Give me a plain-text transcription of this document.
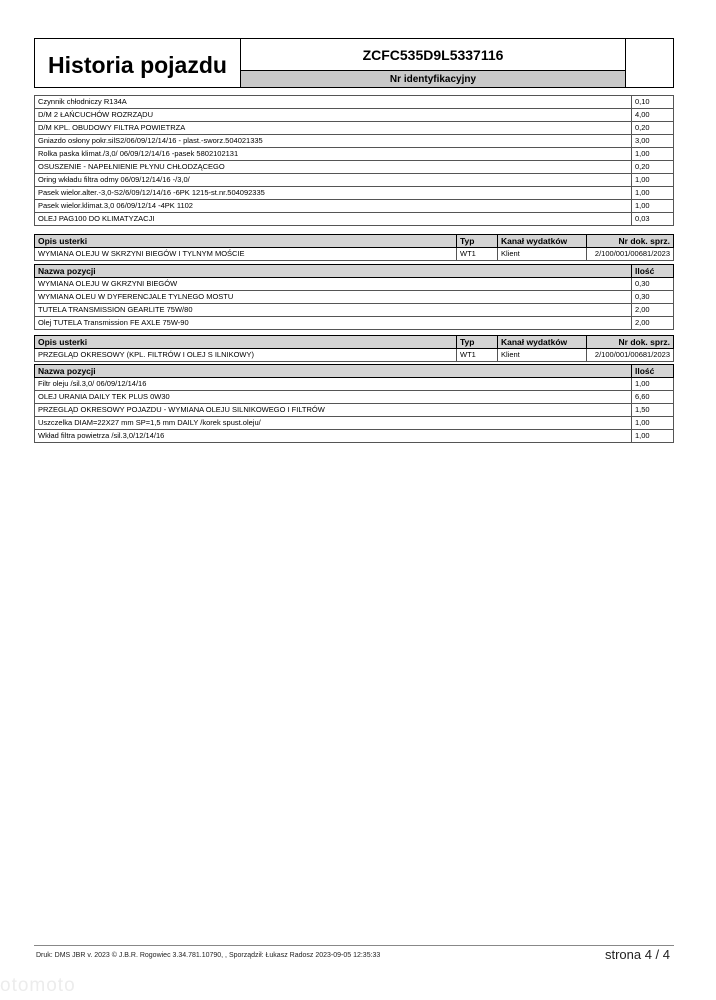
Historia pojazdu	ZCFC535D9L5337116
Nr identyfikacyjny
Czynnik chłodniczy R134A	0,10
D/M 2 ŁAŃCUCHÓW ROZRZĄDU	4,00
D/M KPL. OBUDOWY FILTRA POWIETRZA	0,20
Gniazdo osłony pokr.silS2/06/09/12/14/16 - plast.-sworz.504021335	3,00
Rolka paska klimat./3,0/ 06/09/12/14/16 -pasek 5802102131	1,00
OSUSZENIE - NAPEŁNIENIE PŁYNU CHŁODZĄCEGO	0,20
Oring wkładu filtra odmy 06/09/12/14/16 -/3,0/	1,00
Pasek wielor.alter.-3,0-S2/6/09/12/14/16 -6PK 1215-st.nr.504092335	1,00
Pasek wielor.klimat.3,0 06/09/12/14 -4PK 1102	1,00
OLEJ PAG100 DO KLIMATYZACJI	0,03
Opis usterki	Typ	Kanał wydatków	Nr dok. sprz.
WYMIANA OLEJU W SKRZYNI BIEGÓW I TYLNYM MOŚCIE	WT1	Klient	2/100/001/00681/2023
Nazwa pozycji	Ilość
WYMIANA OLEJU W GKRZYNI BIEGÓW	0,30
WYMIANA OLEU W DYFERENCJALE TYLNEGO MOSTU	0,30
TUTELA TRANSMISSION GEARLITE 75W/80	2,00
Olej TUTELA Transmission FE AXLE 75W-90	2,00
Opis usterki	Typ	Kanał wydatków	Nr dok. sprz.
PRZEGLĄD OKRESOWY (KPL. FILTRÓW I OLEJ S ILNIKOWY)	WT1	Klient	2/100/001/00681/2023
Nazwa pozycji	Ilość
Filtr oleju /sil.3,0/ 06/09/12/14/16	1,00
OLEJ URANIA DAILY TEK PLUS 0W30	6,60
PRZEGLĄD OKRESOWY POJAZDU - WYMIANA OLEJU SILNIKOWEGO I FILTRÓW	1,50
Uszczelka DIAM=22X27 mm SP=1,5 mm DAILY /korek spust.oleju/	1,00
Wkład filtra powietrza /sil.3,0/12/14/16	1,00
Druk: DMS JBR v. 2023 © J.B.R. Rogowiec 3.34.781.10790, , Sporządził: Łukasz Radosz 2023-09-05 12:35:33	strona 4 / 4
otomoto
